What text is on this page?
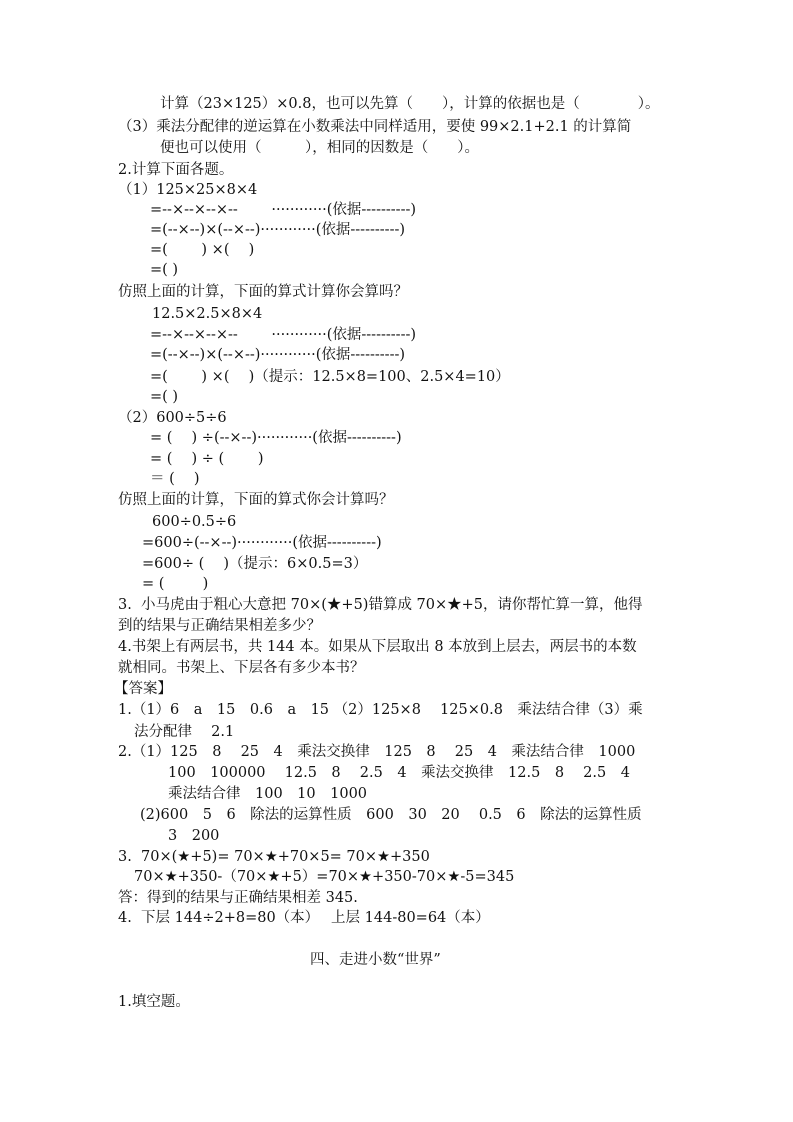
计算（23×125）×0.8，也可以先算（　　），计算的依据也是（　　　　）。
（3）乘法分配律的逆运算在小数乘法中同样适用，要使 99×2.1+2.1 的计算简
便也可以使用（　　　），相同的因数是（　　）。
2.计算下面各题。
（1）125×25×8×4
=--×--×--×--　　 ············(依据----------)
=(--×--)×(--×--)············(依据----------)
=(　　 ) ×(　 )
=( )
仿照上面的计算，下面的算式计算你会算吗？
12.5×2.5×8×4
=--×--×--×--　　 ············(依据----------)
=(--×--)×(--×--)············(依据----------)
=(　　 ) ×(　 )（提示：12.5×8=100、2.5×4=10）
=( )
（2）600÷5÷6
= ( 　) ÷(--×--)············(依据----------)
= ( 　) ÷ ( 　　)
＝ ( 　)
仿照上面的计算，下面的算式你会计算吗？
600÷0.5÷6
=600÷(--×--)············(依据----------)
=600÷ ( 　)（提示：6×0.5=3）
= ( 　　 )
3.  小马虎由于粗心大意把 70×(★+5)错算成 70×★+5，请你帮忙算一算，他得
到的结果与正确结果相差多少？
4.书架上有两层书，共 144 本。如果从下层取出 8 本放到上层去，两层书的本数
就相同。书架上、下层各有多少本书？
【答案】
1.（1）6　a　15　0.6　a　15 （2）125×8　 125×0.8　乘法结合律（3）乘
法分配律　 2.1
2.（1）125　8　 25　4　乘法交换律　125　8　 25　4　乘法结合律　1000
100　100000　 12.5　8　 2.5　4　乘法交换律　12.5　8　 2.5　4
乘法结合律　100　10　1000
(2)600　5　6　除法的运算性质　600　30　20　 0.5　6　除法的运算性质
3　200
3.  70×(★+5)= 70×★+70×5= 70×★+350
70×★+350-（70×★+5）=70×★+350-70×★-5=345
答：得到的结果与正确结果相差 345.
4.  下层 144÷2+8=80（本）　 上层 144-80=64（本）
四、走进小数“世界”
1.填空题。
